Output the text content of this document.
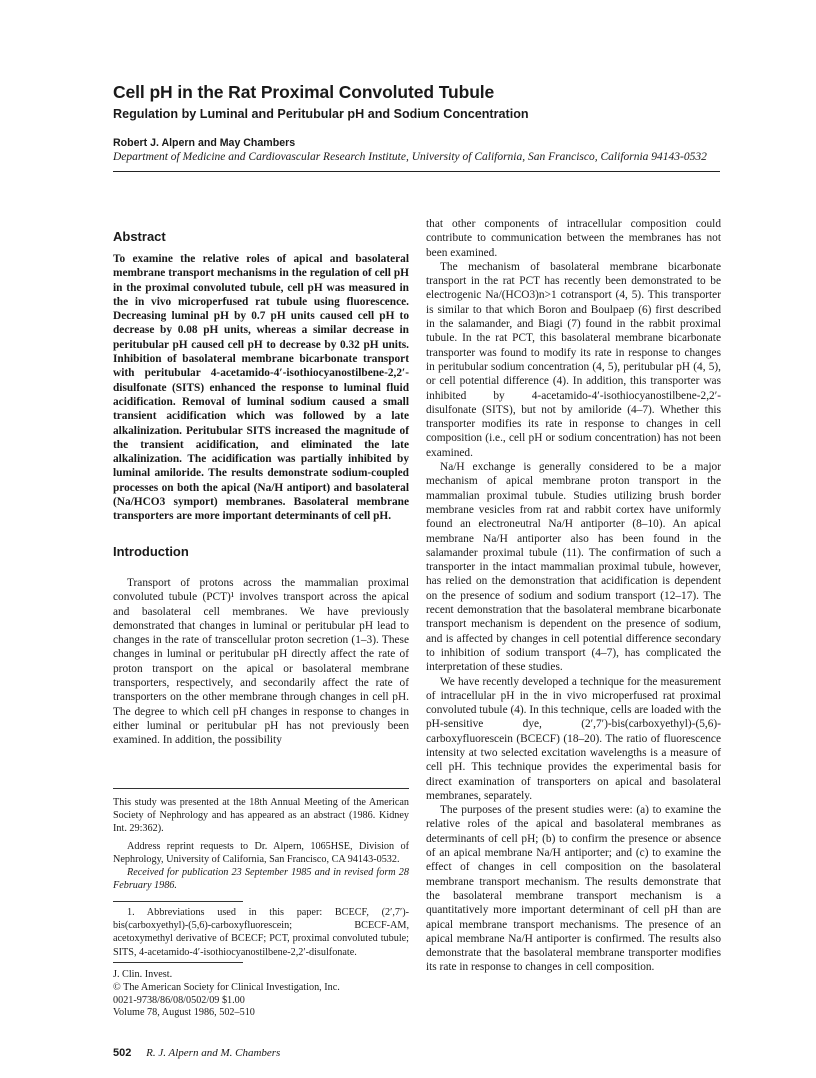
Cell pH in the Rat Proximal Convoluted Tubule
Regulation by Luminal and Peritubular pH and Sodium Concentration
Robert J. Alpern and May Chambers
Department of Medicine and Cardiovascular Research Institute, University of California, San Francisco, California 94143-0532
Abstract

To examine the relative roles of apical and basolateral membrane transport mechanisms in the regulation of cell pH in the proximal convoluted tubule, cell pH was measured in the in vivo microperfused rat tubule using fluorescence. Decreasing luminal pH by 0.7 pH units caused cell pH to decrease by 0.08 pH units, whereas a similar decrease in peritubular pH caused cell pH to decrease by 0.32 pH units. Inhibition of basolateral membrane bicarbonate transport with peritubular 4-acetamido-4′-isothiocyanostilbene-2,2′-disulfonate (SITS) enhanced the response to luminal fluid acidification. Removal of luminal sodium caused a small transient acidification which was followed by a late alkalinization. Peritubular SITS increased the magnitude of the transient acidification, and eliminated the late alkalinization. The acidification was partially inhibited by luminal amiloride. The results demonstrate sodium-coupled processes on both the apical (Na/H antiport) and basolateral (Na/HCO3 symport) membranes. Basolateral membrane transporters are more important determinants of cell pH.

Introduction

Transport of protons across the mammalian proximal convoluted tubule (PCT)¹ involves transport across the apical and basolateral cell membranes. We have previously demonstrated that changes in luminal or peritubular pH lead to changes in the rate of transcellular proton secretion (1–3). These changes in luminal or peritubular pH directly affect the rate of proton transport on the apical or basolateral membrane transporters, respectively, and secondarily affect the rate of transporters on the other membrane through changes in cell pH. The degree to which cell pH changes in response to changes in either luminal or peritubular pH has not previously been examined. In addition, the possibility

This study was presented at the 18th Annual Meeting of the American Society of Nephrology and has appeared as an abstract (1986. Kidney Int. 29:362).

Address reprint requests to Dr. Alpern, 1065HSE, Division of Nephrology, University of California, San Francisco, CA 94143-0532.

Received for publication 23 September 1985 and in revised form 28 February 1986.

1. Abbreviations used in this paper: BCECF, (2′,7′)-bis(carboxyethyl)-(5,6)-carboxyfluorescein; BCECF-AM, acetoxymethyl derivative of BCECF; PCT, proximal convoluted tubule; SITS, 4-acetamido-4′-isothiocyanostilbene-2,2′-disulfonate.

J. Clin. Invest.
© The American Society for Clinical Investigation, Inc.
0021-9738/86/08/0502/09 $1.00
Volume 78, August 1986, 502–510

that other components of intracellular composition could contribute to communication between the membranes has not been examined.

The mechanism of basolateral membrane bicarbonate transport in the rat PCT has recently been demonstrated to be electrogenic Na/(HCO3)n>1 cotransport (4, 5). This transporter is similar to that which Boron and Boulpaep (6) first described in the salamander, and Biagi (7) found in the rabbit proximal tubule. In the rat PCT, this basolateral membrane bicarbonate transporter was found to modify its rate in response to changes in peritubular sodium concentration (4, 5), peritubular pH (4, 5), or cell potential difference (4). In addition, this transporter was inhibited by 4-acetamido-4′-isothiocyanostilbene-2,2′-disulfonate (SITS), but not by amiloride (4–7). Whether this transporter modifies its rate in response to changes in cell composition (i.e., cell pH or sodium concentration) has not been examined.

Na/H exchange is generally considered to be a major mechanism of apical membrane proton transport in the mammalian proximal tubule. Studies utilizing brush border membrane vesicles from rat and rabbit cortex have uniformly found an electroneutral Na/H antiporter (8–10). An apical membrane Na/H antiporter also has been found in the salamander proximal tubule (11). The confirmation of such a transporter in the intact mammalian proximal tubule, however, has relied on the demonstration that acidification is dependent on the presence of sodium and sodium transport (12–17). The recent demonstration that the basolateral membrane bicarbonate transport mechanism is dependent on the presence of sodium, and is affected by changes in cell potential difference secondary to inhibition of sodium transport (4–7), has complicated the interpretation of these studies.

We have recently developed a technique for the measurement of intracellular pH in the in vivo microperfused rat proximal convoluted tubule (4). In this technique, cells are loaded with the pH-sensitive dye, (2′,7′)-bis(carboxyethyl)-(5,6)-carboxyfluorescein (BCECF) (18–20). The ratio of fluorescence intensity at two selected excitation wavelengths is a measure of cell pH. This technique provides the experimental basis for direct examination of transporters on apical and basolateral membranes, separately.

The purposes of the present studies were: (a) to examine the relative roles of the apical and basolateral membranes as determinants of cell pH; (b) to confirm the presence or absence of an apical membrane Na/H antiporter; and (c) to examine the effect of changes in cell composition on the basolateral membrane transport mechanism. The results demonstrate that the basolateral membrane transport mechanism is a quantitatively more important determinant of cell pH than are apical membrane transport mechanisms. The presence of an apical membrane Na/H antiporter is confirmed. The results also demonstrate that the basolateral membrane transporter modifies its rate in response to changes in cell composition.

502 R. J. Alpern and M. Chambers
